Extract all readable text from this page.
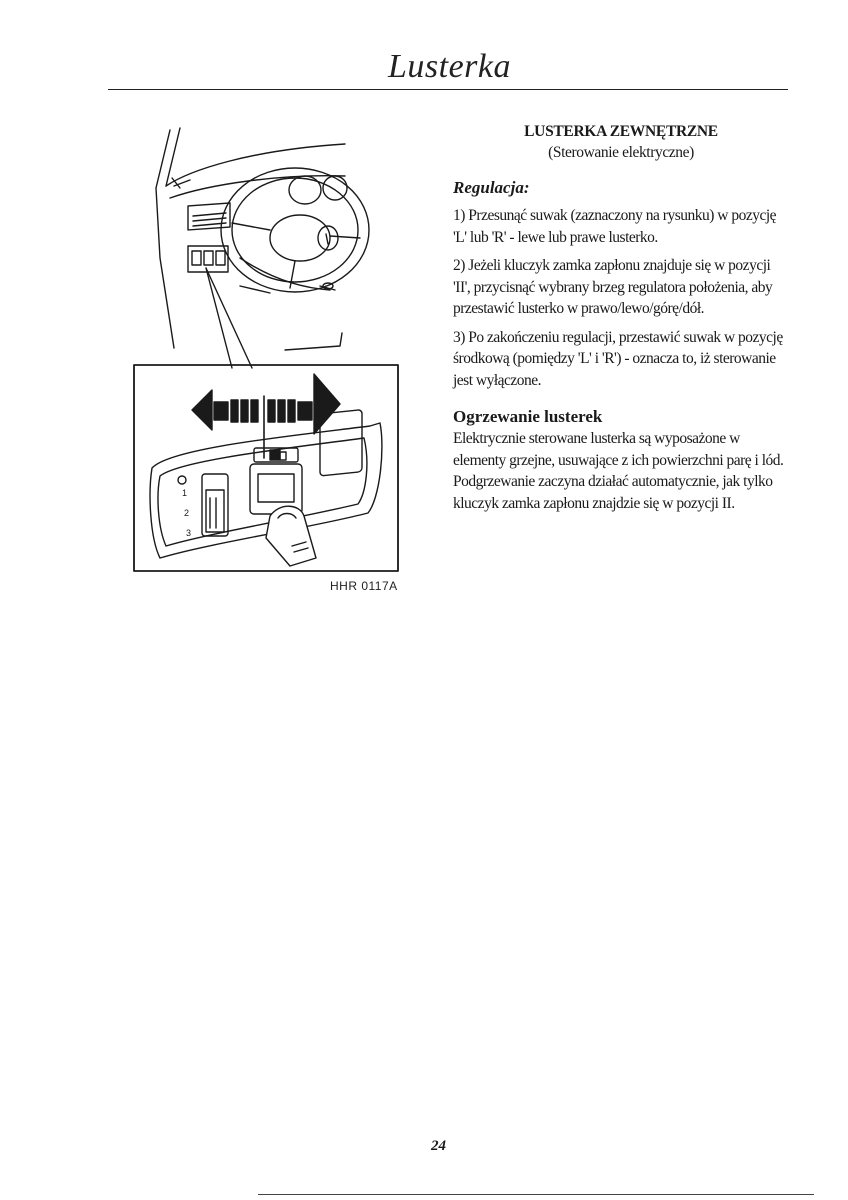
Lusterka
1
2
3
HHR 0117A

LUSTERKA ZEWNĘTRZNE

(Sterowanie elektryczne)

Regulacja:

1) Przesunąć suwak (zaznaczony na rysunku) w pozycję 'L' lub 'R' - lewe lub prawe lusterko.

2) Jeżeli kluczyk zamka zapłonu znajduje się w pozycji 'II', przycisnąć wybrany brzeg regulatora położenia, aby przestawić lusterko w prawo/lewo/górę/dół.

3) Po zakończeniu regulacji, przestawić suwak w pozycję środkową (pomiędzy 'L' i 'R') - oznacza to, iż sterowanie jest wyłączone.

Ogrzewanie lusterek

Elektrycznie sterowane lusterka są wyposażone w elementy grzejne, usuwające z ich powierzchni parę i lód. Podgrzewanie zaczyna działać automatycznie, jak tylko kluczyk zamka zapłonu znajdzie się w pozycji II.

24
